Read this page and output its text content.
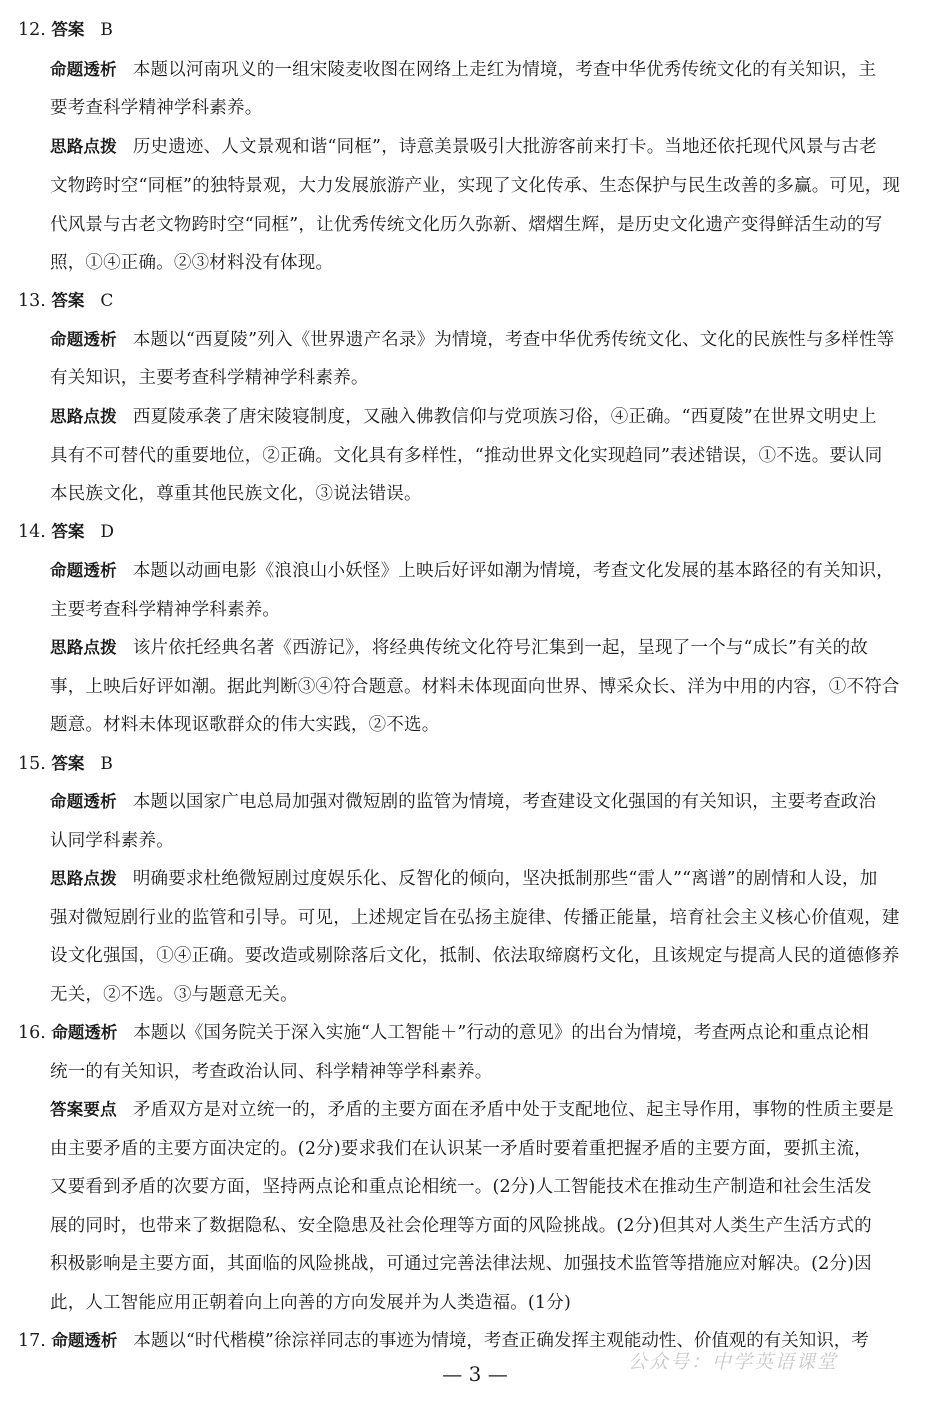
12. 答案 B
命题透析 本题以河南巩义的一组宋陵麦收图在网络上走红为情境，考查中华优秀传统文化的有关知识，主
要考查科学精神学科素养。
思路点拨 历史遗迹、人文景观和谐“同框”，诗意美景吸引大批游客前来打卡。当地还依托现代风景与古老
文物跨时空“同框”的独特景观，大力发展旅游产业，实现了文化传承、生态保护与民生改善的多赢。可见，现
代风景与古老文物跨时空“同框”，让优秀传统文化历久弥新、熠熠生辉，是历史文化遗产变得鲜活生动的写
照，①④正确。②③材料没有体现。
13. 答案 C
命题透析 本题以“西夏陵”列入《世界遗产名录》为情境，考查中华优秀传统文化、文化的民族性与多样性等
有关知识，主要考查科学精神学科素养。
思路点拨 西夏陵承袭了唐宋陵寝制度，又融入佛教信仰与党项族习俗，④正确。“西夏陵”在世界文明史上
具有不可替代的重要地位，②正确。文化具有多样性，“推动世界文化实现趋同”表述错误，①不选。要认同
本民族文化，尊重其他民族文化，③说法错误。
14. 答案 D
命题透析 本题以动画电影《浪浪山小妖怪》上映后好评如潮为情境，考查文化发展的基本路径的有关知识，
主要考查科学精神学科素养。
思路点拨 该片依托经典名著《西游记》，将经典传统文化符号汇集到一起，呈现了一个与“成长”有关的故
事，上映后好评如潮。据此判断③④符合题意。材料未体现面向世界、博采众长、洋为中用的内容，①不符合
题意。材料未体现讴歌群众的伟大实践，②不选。
15. 答案 B
命题透析 本题以国家广电总局加强对微短剧的监管为情境，考查建设文化强国的有关知识，主要考查政治
认同学科素养。
思路点拨 明确要求杜绝微短剧过度娱乐化、反智化的倾向，坚决抵制那些“雷人”“离谱”的剧情和人设，加
强对微短剧行业的监管和引导。可见，上述规定旨在弘扬主旋律、传播正能量，培育社会主义核心价值观，建
设文化强国，①④正确。要改造或剔除落后文化，抵制、依法取缔腐朽文化，且该规定与提高人民的道德修养
无关，②不选。③与题意无关。
16. 命题透析 本题以《国务院关于深入实施“人工智能＋”行动的意见》的出台为情境，考查两点论和重点论相
统一的有关知识，考查政治认同、科学精神等学科素养。
答案要点 矛盾双方是对立统一的，矛盾的主要方面在矛盾中处于支配地位、起主导作用，事物的性质主要是
由主要矛盾的主要方面决定的。(2分)要求我们在认识某一矛盾时要着重把握矛盾的主要方面，要抓主流，
又要看到矛盾的次要方面，坚持两点论和重点论相统一。(2分)人工智能技术在推动生产制造和社会生活发
展的同时，也带来了数据隐私、安全隐患及社会伦理等方面的风险挑战。(2分)但其对人类生产生活方式的
积极影响是主要方面，其面临的风险挑战，可通过完善法律法规、加强技术监管等措施应对解决。(2分)因
此，人工智能应用正朝着向上向善的方向发展并为人类造福。(1分)
17. 命题透析 本题以“时代楷模”徐淙祥同志的事迹为情境，考查正确发挥主观能动性、价值观的有关知识，考
— 3 —	公众号：中学英语课堂
